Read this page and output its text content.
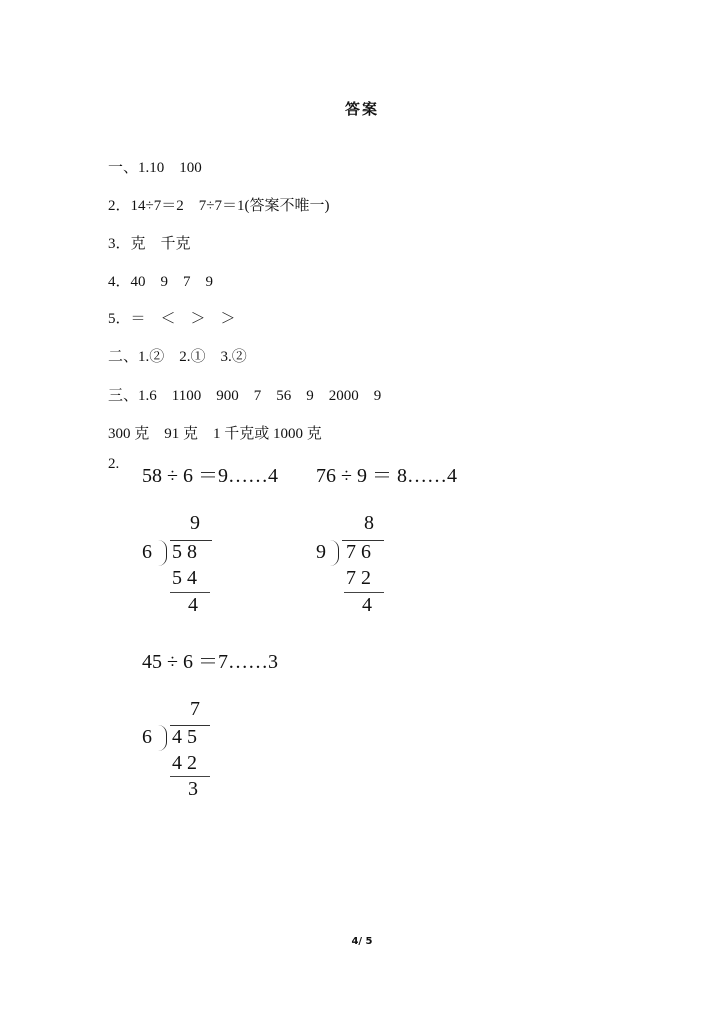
答案
一、1.10　100
2．14÷7＝2　7÷7＝1(答案不唯一)
3．克　千克
4．40　9　7　9
5．＝　＜　＞　＞
二、1.②　2.①　3.②
三、1.6　1100　900　7　56　9　2000　9
300 克　91 克　1 千克或 1000 克
2.
58 ÷ 6 ＝9……4 76 ÷ 9 ＝ 8……4
9
6 5 8
5 4
4
8
9 7 6
7 2
4
45 ÷ 6 ＝7……3
7
6 4 5
4 2
3
4/ 5
